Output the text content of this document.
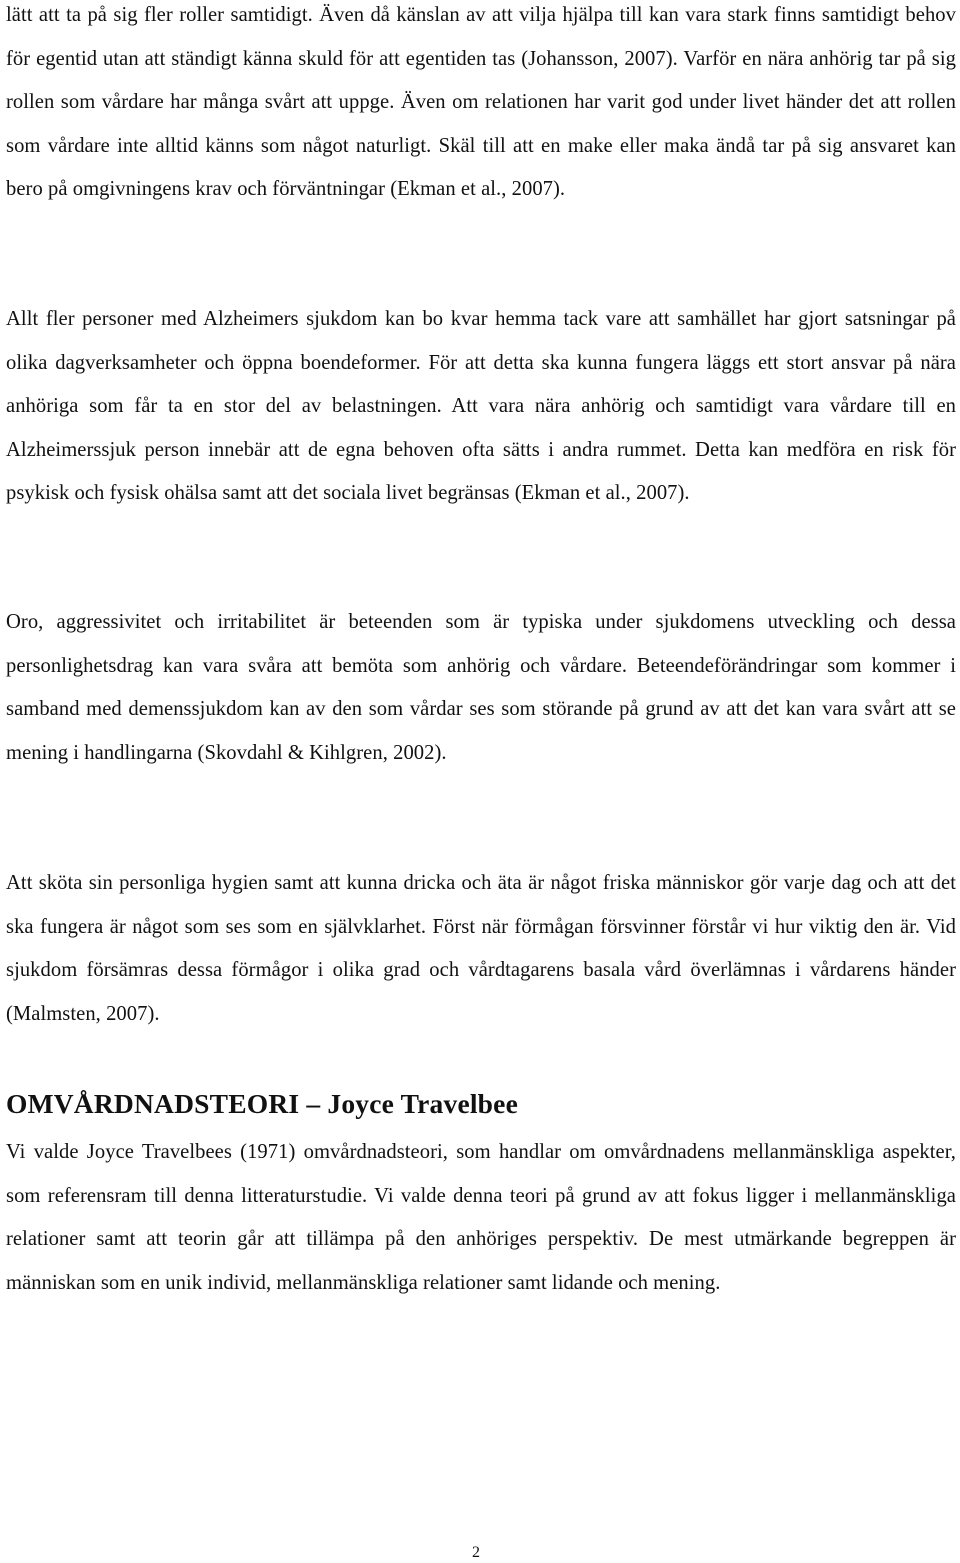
lätt att ta på sig fler roller samtidigt. Även då känslan av att vilja hjälpa till kan vara stark finns samtidigt behov för egentid utan att ständigt känna skuld för att egentiden tas (Johansson, 2007). Varför en nära anhörig tar på sig rollen som vårdare har många svårt att uppge. Även om relationen har varit god under livet händer det att rollen som vårdare inte alltid känns som något naturligt. Skäl till att en make eller maka ändå tar på sig ansvaret kan bero på omgivningens krav och förväntningar (Ekman et al., 2007).

Allt fler personer med Alzheimers sjukdom kan bo kvar hemma tack vare att samhället har gjort satsningar på olika dagverksamheter och öppna boendeformer. För att detta ska kunna fungera läggs ett stort ansvar på nära anhöriga som får ta en stor del av belastningen. Att vara nära anhörig och samtidigt vara vårdare till en Alzheimerssjuk person innebär att de egna behoven ofta sätts i andra rummet. Detta kan medföra en risk för psykisk och fysisk ohälsa samt att det sociala livet begränsas (Ekman et al., 2007).

Oro, aggressivitet och irritabilitet är beteenden som är typiska under sjukdomens utveckling och dessa personlighetsdrag kan vara svåra att bemöta som anhörig och vårdare. Beteendeförändringar som kommer i samband med demenssjukdom kan av den som vårdar ses som störande på grund av att det kan vara svårt att se mening i handlingarna (Skovdahl & Kihlgren, 2002).

Att sköta sin personliga hygien samt att kunna dricka och äta är något friska människor gör varje dag och att det ska fungera är något som ses som en självklarhet. Först när förmågan försvinner förstår vi hur viktig den är. Vid sjukdom försämras dessa förmågor i olika grad och vårdtagarens basala vård överlämnas i vårdarens händer (Malmsten, 2007).

OMVÅRDNADSTEORI – Joyce Travelbee

Vi valde Joyce Travelbees (1971) omvårdnadsteori, som handlar om omvårdnadens mellanmänskliga aspekter, som referensram till denna litteraturstudie. Vi valde denna teori på grund av att fokus ligger i mellanmänskliga relationer samt att teorin går att tillämpa på den anhöriges perspektiv. De mest utmärkande begreppen är människan som en unik individ, mellanmänskliga relationer samt lidande och mening.

2
